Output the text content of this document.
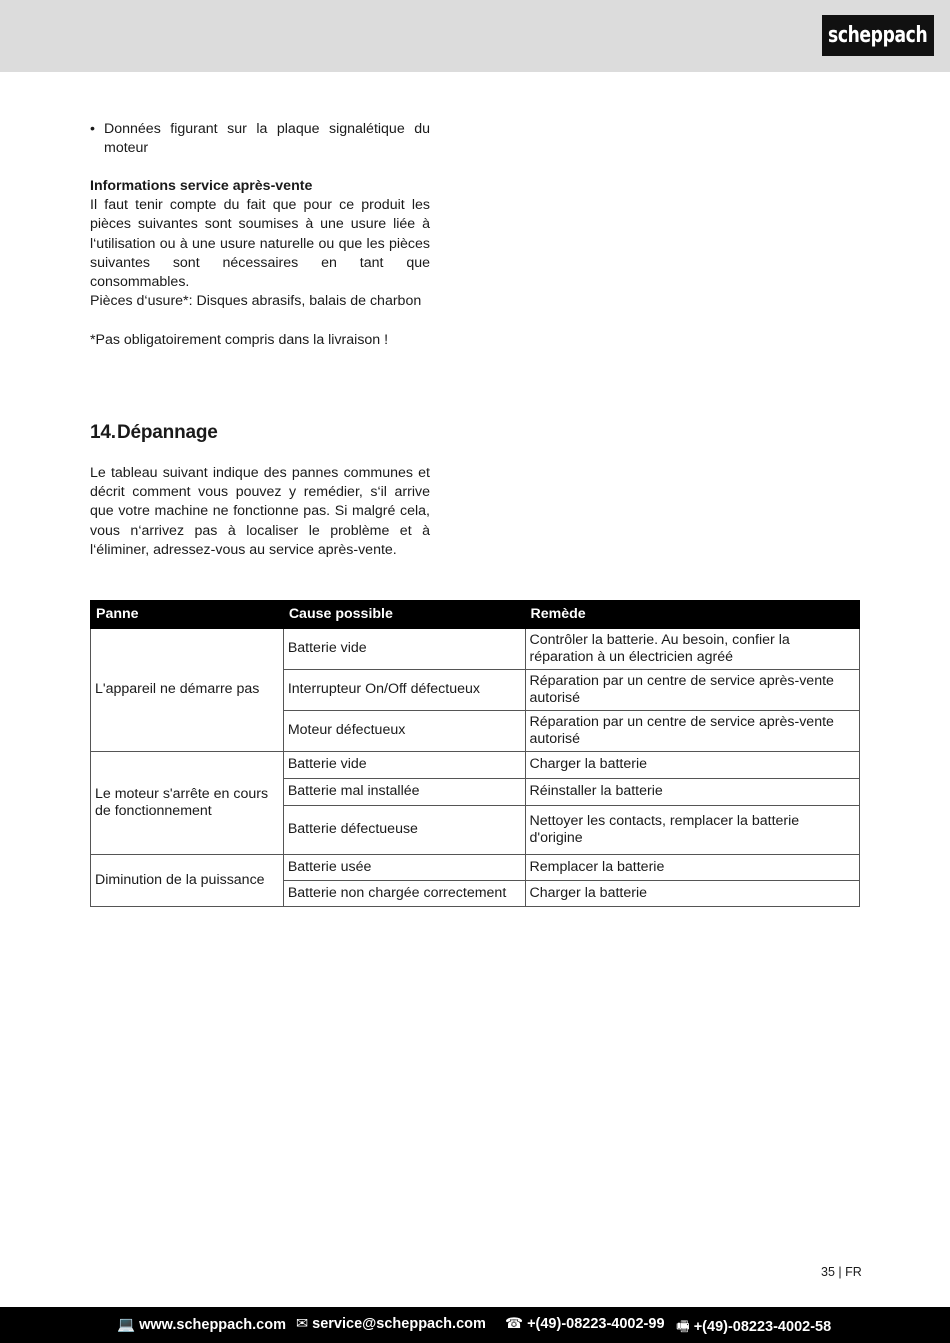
scheppach
• Données figurant sur la plaque signalétique du moteur
Informations service après-vente
Il faut tenir compte du fait que pour ce produit les pièces suivantes sont soumises à une usure liée à l‘utilisation ou à une usure naturelle ou que les pièces suivantes sont nécessaires en tant que consommables.
Pièces d‘usure*: Disques abrasifs, balais de charbon
*Pas obligatoirement compris dans la livraison !
14.Dépannage
Le tableau suivant indique des pannes communes et décrit comment vous pouvez y remédier, s‘il arrive que votre machine ne fonctionne pas. Si malgré cela, vous n‘arrivez pas à localiser le problème et à l‘éliminer, adressez-vous au service après-vente.
Panne	Cause possible	Remède
L'appareil ne démarre pas	Batterie vide	Contrôler la batterie. Au besoin, confier la réparation à un électricien agréé
	Interrupteur On/Off défectueux	Réparation par un centre de service après-vente autorisé
	Moteur défectueux	Réparation par un centre de service après-vente autorisé
Le moteur s'arrête en cours de fonctionnement	Batterie vide	Charger la batterie
	Batterie mal installée	Réinstaller la batterie
	Batterie défectueuse	Nettoyer les contacts, remplacer la batterie d'origine
Diminution de la puissance	Batterie usée	Remplacer la batterie
	Batterie non chargée correctement	Charger la batterie
35 | FR
💻 www.scheppach.com ✉ service@scheppach.com ☎ +(49)-08223-4002-99 🖷 +(49)-08223-4002-58
